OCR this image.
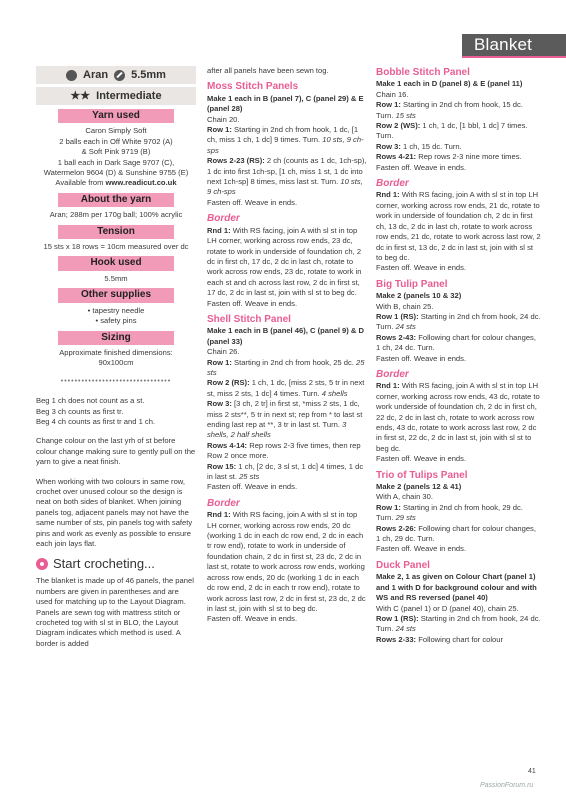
Blanket
Aran 5.5mm
★★ Intermediate
Yarn used

Caron Simply Soft

2 balls each in Off White 9702 (A)

& Soft Pink 9719 (B)

1 ball each in Dark Sage 9707 (C),

Watermelon 9604 (D) & Sunshine 9755 (E)

Available from www.readicut.co.uk

About the yarn

Aran; 288m per 170g ball; 100% acrylic

Tension

15 sts x 18 rows = 10cm measured over dc

Hook used

5.5mm

Other supplies

• tapestry needle

• safety pins

Sizing

Approximate finished dimensions:

90x100cm

••••••••••••••••••••••••••••••••

Beg 1 ch does not count as a st.

Beg 3 ch counts as first tr.

Beg 4 ch counts as first tr and 1 ch.

Change colour on the last yrh of st before colour change making sure to gently pull on the yarn to give a neat finish.

When working with two colours in same row, crochet over unused colour so the design is neat on both sides of blanket. When joining panels tog, adjacent panels may not have the same number of sts, pin panels tog with safety pins and work as evenly as possible to ensure each join lays flat.

Start crocheting...

The blanket is made up of 46 panels, the panel numbers are given in parentheses and are used for matching up to the Layout Diagram. Panels are sewn tog with mattress stitch or crocheted tog with sl st in BLO, the Layout Diagram indicates which method is used. A border is added

after all panels have been sewn tog.

Moss Stitch Panels

Make 1 each in B (panel 7), C (panel 29) & E (panel 28)

Chain 20.

Row 1: Starting in 2nd ch from hook, 1 dc, [1 ch, miss 1 ch, 1 dc] 9 times. Turn. 10 sts, 9 ch-sps

Rows 2-23 (RS): 2 ch (counts as 1 dc, 1ch-sp), 1 dc into first 1ch-sp, [1 ch, miss 1 st, 1 dc into next 1ch-sp] 8 times, miss last st. Turn. 10 sts, 9 ch-sps

Fasten off. Weave in ends.

Border

Rnd 1: With RS facing, join A with sl st in top LH corner, working across row ends, 23 dc, rotate to work in underside of foundation ch, 2 dc in first ch, 17 dc, 2 dc in last ch, rotate to work across row ends, 23 dc, rotate to work in each st and ch across last row, 2 dc in first st, 17 dc, 2 dc in last st, join with sl st to beg dc.

Fasten off. Weave in ends.

Shell Stitch Panel

Make 1 each in B (panel 46), C (panel 9) & D (panel 33)

Chain 26.

Row 1: Starting in 2nd ch from hook, 25 dc. 25 sts

Row 2 (RS): 1 ch, 1 dc, [miss 2 sts, 5 tr in next st, miss 2 sts, 1 dc] 4 times. Turn. 4 shells

Row 3: [3 ch, 2 tr] in first st, *miss 2 sts, 1 dc, miss 2 sts**, 5 tr in next st; rep from * to last st ending last rep at **, 3 tr in last st. Turn. 3 shells, 2 half shells

Rows 4-14: Rep rows 2-3 five times, then rep Row 2 once more.

Row 15: 1 ch, [2 dc, 3 sl st, 1 dc] 4 times, 1 dc in last st. 25 sts

Fasten off. Weave in ends.

Border

Rnd 1: With RS facing, join A with sl st in top LH corner, working across row ends, 20 dc (working 1 dc in each dc row end, 2 dc in each tr row end), rotate to work in underside of foundation chain, 2 dc in first st, 23 dc, 2 dc in last st, rotate to work across row ends, working across row ends, 20 dc (working 1 dc in each dc row end, 2 dc in each tr row end), rotate to work across last row, 2 dc in first st, 23 dc, 2 dc in last st, join with sl st to beg dc.

Fasten off. Weave in ends.

Bobble Stitch Panel

Make 1 each in D (panel 8) & E (panel 11)

Chain 16.

Row 1: Starting in 2nd ch from hook, 15 dc. Turn. 15 sts

Row 2 (WS): 1 ch, 1 dc, [1 bbl, 1 dc] 7 times. Turn.

Row 3: 1 ch, 15 dc. Turn.

Rows 4-21: Rep rows 2-3 nine more times.

Fasten off. Weave in ends.

Border

Rnd 1: With RS facing, join A with sl st in top LH corner, working across row ends, 21 dc, rotate to work in underside of foundation ch, 2 dc in first ch, 13 dc, 2 dc in last ch, rotate to work across row ends, 21 dc, rotate to work across last row, 2 dc in first st, 13 dc, 2 dc in last st, join with sl st to beg dc.

Fasten off. Weave in ends.

Big Tulip Panel

Make 2 (panels 10 & 32)

With B, chain 25.

Row 1 (RS): Starting in 2nd ch from hook, 24 dc. Turn. 24 sts

Rows 2-43: Following chart for colour changes, 1 ch, 24 dc. Turn.

Fasten off. Weave in ends.

Border

Rnd 1: With RS facing, join A with sl st in top LH corner, working across row ends, 43 dc, rotate to work underside of foundation ch, 2 dc in first ch, 22 dc, 2 dc in last ch, rotate to work across row ends, 43 dc, rotate to work across last row, 2 dc in first st, 22 dc, 2 dc in last st, join with sl st to beg dc.

Fasten off. Weave in ends.

Trio of Tulips Panel

Make 2 (panels 12 & 41)

With A, chain 30.

Row 1: Starting in 2nd ch from hook, 29 dc. Turn. 29 sts

Rows 2-26: Following chart for colour changes, 1 ch, 29 dc. Turn.

Fasten off. Weave in ends.

Duck Panel

Make 2, 1 as given on Colour Chart (panel 1) and 1 with D for background colour and with WS and RS reversed (panel 40)

With C (panel 1) or D (panel 40), chain 25.

Row 1 (RS): Starting in 2nd ch from hook, 24 dc. Turn. 24 sts

Rows 2-33: Following chart for colour

41
PassionForum.ru
